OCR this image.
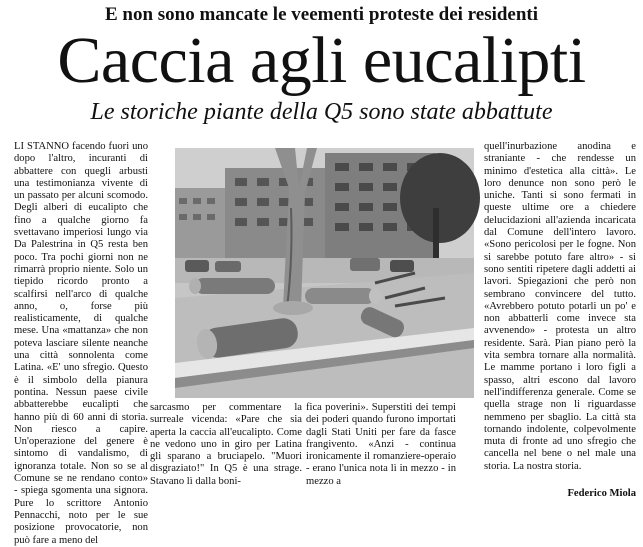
E non sono mancate le veementi proteste dei residenti
Caccia agli eucalipti
Le storiche piante della Q5 sono state abbattute

LI STANNO facendo fuori uno dopo l'altro, incuranti di abbattere con quegli arbusti una testimonianza vivente di un passato per alcuni scomodo. Degli alberi di eucalipto che fino a qualche giorno fa svettavano imperiosi lungo via Da Palestrina in Q5 resta ben poco. Tra pochi giorni non ne rimarrà proprio niente. Solo un tiepido ricordo pronto a scalfirsi nell'arco di qualche anno, o, forse più realisticamente, di qualche mese. Una «mattanza» che non poteva lasciare silente neanche una città sonnolenta come Latina. «E' uno sfregio. Questo è il simbolo della pianura pontina. Nessun paese civile abbatterebbe eucalipti che hanno più di 60 anni di storia. Non riesco a capire. Un'operazione del genere è sintomo di vandalismo, di ignoranza totale. Non so se al Comune se ne rendano conto» - spiega sgomenta una signora. Pure lo scrittore Antonio Pennacchi, noto per le sue posizione provocatorie, non può fare a meno del

sarcasmo per commentare la surreale vicenda: «Pare che sia aperta la caccia all'eucalipto. Come ne vedono uno in giro per Latina gli sparano a bruciapelo. "Muori disgraziato!" In Q5 è una strage. Stavano lì dalla boni-

fica poverini». Superstiti dei tempi dei poderi quando furono importati dagli Stati Uniti per fare da fasce frangivento. «Anzi - continua ironicamente il romanziere-operaio - erano l'unica nota lì in mezzo - in mezzo a

quell'inurbazione anodina e straniante - che rendesse un minimo d'estetica alla città». Le loro denunce non sono però le uniche. Tanti si sono fermati in queste ultime ore a chiedere delucidazioni all'azienda incaricata dal Comune dell'intero lavoro. «Sono pericolosi per le fogne. Non si sarebbe potuto fare altro» - si sono sentiti ripetere dagli addetti ai lavori. Spiegazioni che però non sembrano convincere del tutto. «Avrebbero potuto potarli un po' e non abbatterli come invece sta avvenendo» - protesta un altro residente. Sarà. Pian piano però la vita sembra tornare alla normalità. Le mamme portano i loro figli a spasso, altri escono dal lavoro nell'indifferenza generale. Come se quella strage non li riguardasse nemmeno per sbaglio. La città sta tornando indolente, colpevolmente muta di fronte ad uno sfregio che cancella nel bene o nel male una storia. La nostra storia.

Federico Miola
